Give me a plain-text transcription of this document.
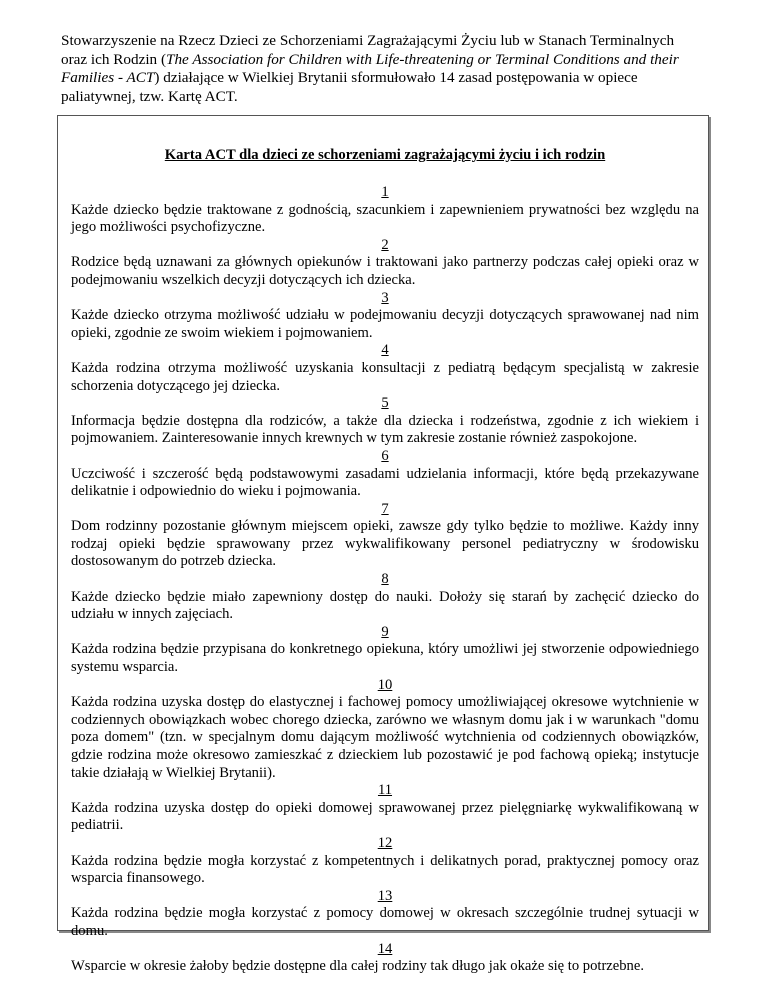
Stowarzyszenie na Rzecz Dzieci ze Schorzeniami Zagrażającymi Życiu lub w Stanach Terminalnych oraz ich Rodzin (The Association for Children with Life-threatening or Terminal Conditions and their Families - ACT) działające w Wielkiej Brytanii sformułowało 14 zasad postępowania w opiece paliatywnej, tzw. Kartę ACT.
Karta ACT dla dzieci ze schorzeniami zagrażającymi życiu i ich rodzin
1
Każde dziecko będzie traktowane z godnością, szacunkiem i zapewnieniem prywatności bez względu na jego możliwości psychofizyczne.
2
Rodzice będą uznawani za głównych opiekunów i traktowani jako partnerzy podczas całej opieki oraz w podejmowaniu wszelkich decyzji dotyczących ich dziecka.
3
Każde dziecko otrzyma możliwość udziału w podejmowaniu decyzji dotyczących sprawowanej nad nim opieki, zgodnie ze swoim wiekiem i pojmowaniem.
4
Każda rodzina otrzyma możliwość uzyskania konsultacji z pediatrą będącym specjalistą w zakresie schorzenia dotyczącego jej dziecka.
5
Informacja będzie dostępna dla rodziców, a także dla dziecka i rodzeństwa, zgodnie z ich wiekiem i pojmowaniem. Zainteresowanie innych krewnych w tym zakresie zostanie również zaspokojone.
6
Uczciwość i szczerość będą podstawowymi zasadami udzielania informacji, które będą przekazywane delikatnie i odpowiednio do wieku i pojmowania.
7
Dom rodzinny pozostanie głównym miejscem opieki, zawsze gdy tylko będzie to możliwe. Każdy inny rodzaj opieki będzie sprawowany przez wykwalifikowany personel pediatryczny w środowisku dostosowanym do potrzeb dziecka.
8
Każde dziecko będzie miało zapewniony dostęp do nauki. Dołoży się starań by zachęcić dziecko do udziału w innych zajęciach.
9
Każda rodzina będzie przypisana do konkretnego opiekuna, który umożliwi jej stworzenie odpowiedniego systemu wsparcia.
10
Każda rodzina uzyska dostęp do elastycznej i fachowej pomocy umożliwiającej okresowe wytchnienie w codziennych obowiązkach wobec chorego dziecka, zarówno we własnym domu jak i w warunkach "domu poza domem" (tzn. w specjalnym domu dającym możliwość wytchnienia od codziennych obowiązków, gdzie rodzina może okresowo zamieszkać z dzieckiem lub pozostawić je pod fachową opieką; instytucje takie działają w Wielkiej Brytanii).
11
Każda rodzina uzyska dostęp do opieki domowej sprawowanej przez pielęgniarkę wykwalifikowaną w pediatrii.
12
Każda rodzina będzie mogła korzystać z kompetentnych i delikatnych porad, praktycznej pomocy oraz wsparcia finansowego.
13
Każda rodzina będzie mogła korzystać z pomocy domowej w okresach szczególnie trudnej sytuacji w domu.
14
Wsparcie w okresie żałoby będzie dostępne dla całej rodziny tak długo jak okaże się to potrzebne.
